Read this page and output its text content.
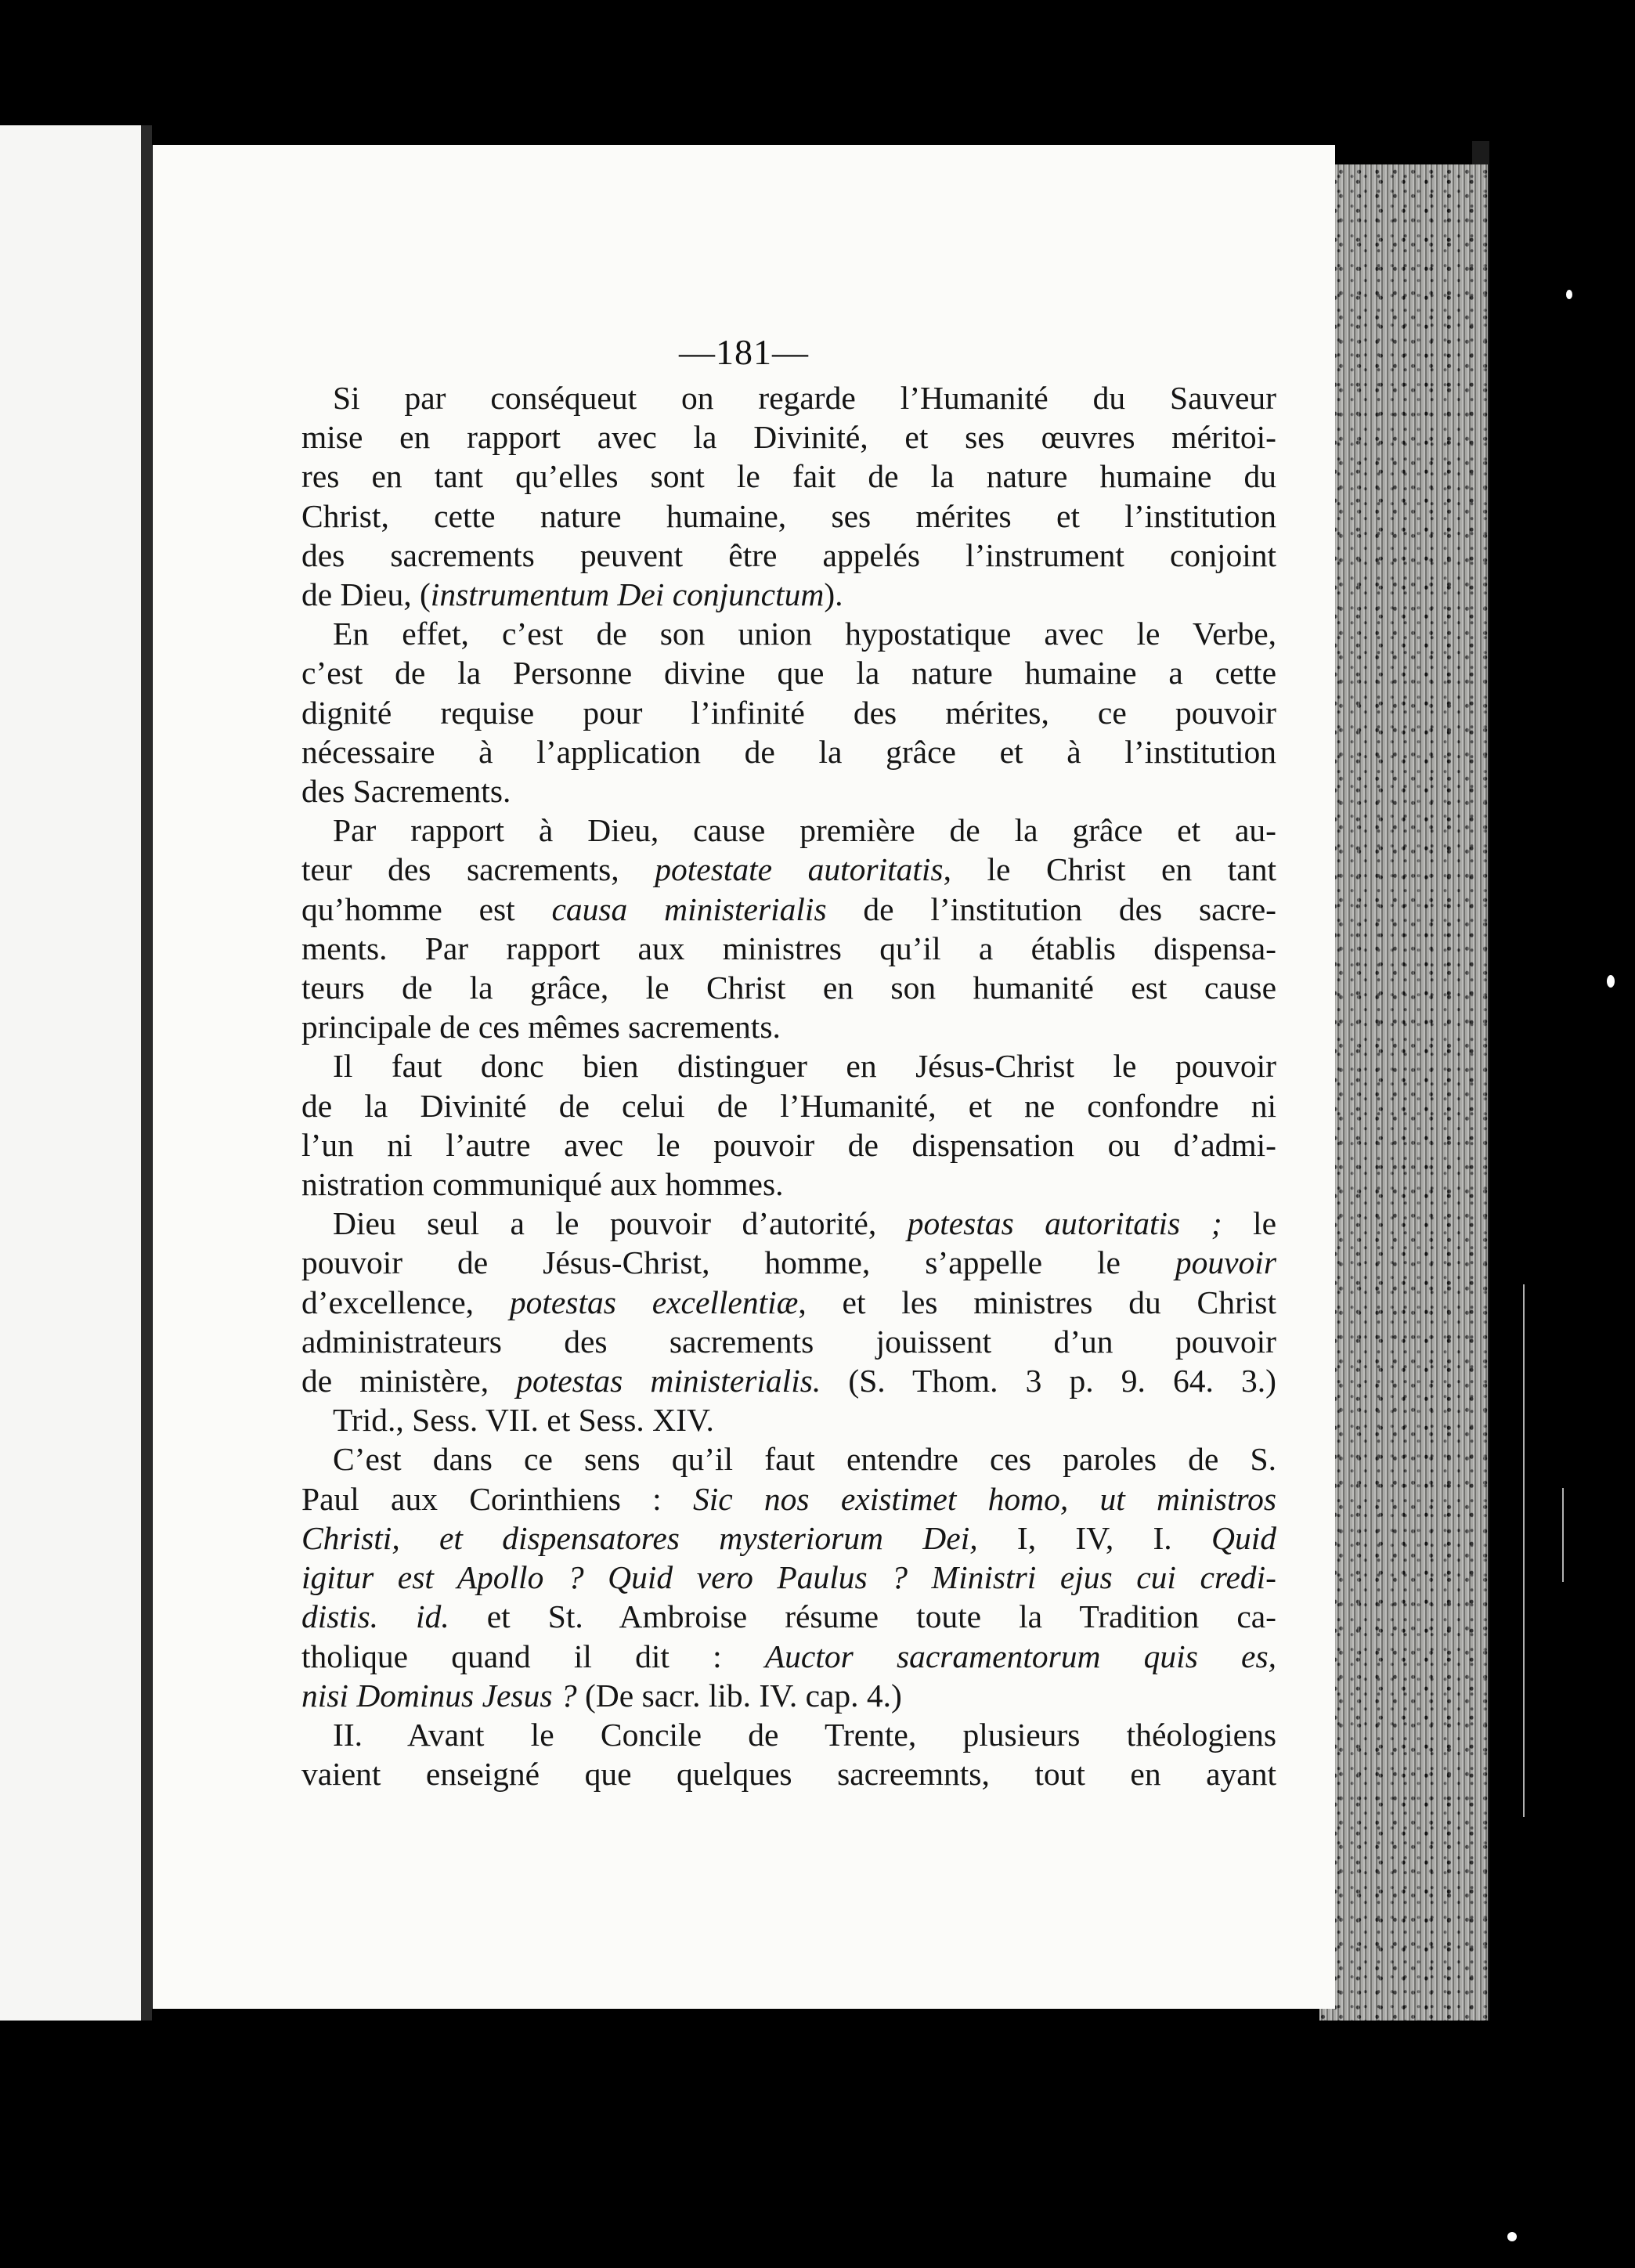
—181—
Si par conséqueut on regarde l’Humanité du Sauveur
mise en rapport avec la Divinité, et ses œuvres méritoi-
res en tant qu’elles sont le fait de la nature humaine du
Christ, cette nature humaine, ses mérites et l’institution
des sacrements peuvent être appelés l’instrument conjoint
de Dieu, (instrumentum Dei conjunctum).
En effet, c’est de son union hypostatique avec le Verbe,
c’est de la Personne divine que la nature humaine a cette
dignité requise pour l’infinité des mérites, ce pouvoir
nécessaire à l’application de la grâce et à l’institution
des Sacrements.
Par rapport à Dieu, cause première de la grâce et au-
teur des sacrements, potestate autoritatis, le Christ en tant
qu’homme est causa ministerialis de l’institution des sacre-
ments. Par rapport aux ministres qu’il a établis dispensa-
teurs de la grâce, le Christ en son humanité est cause
principale de ces mêmes sacrements.
Il faut donc bien distinguer en Jésus-Christ le pouvoir
de la Divinité de celui de l’Humanité, et ne confondre ni
l’un ni l’autre avec le pouvoir de dispensation ou d’admi-
nistration communiqué aux hommes.
Dieu seul a le pouvoir d’autorité, potestas autoritatis ; le
pouvoir de Jésus-Christ, homme, s’appelle le pouvoir
d’excellence, potestas excellentiæ, et les ministres du Christ
administrateurs des sacrements jouissent d’un pouvoir
de ministère, potestas ministerialis. (S. Thom. 3 p. 9. 64. 3.)
Trid., Sess. VII. et Sess. XIV.
C’est dans ce sens qu’il faut entendre ces paroles de S.
Paul aux Corinthiens : Sic nos existimet homo, ut ministros
Christi, et dispensatores mysteriorum Dei, I, IV, I. Quid
igitur est Apollo ? Quid vero Paulus ? Ministri ejus cui credi-
distis. id. et St. Ambroise résume toute la Tradition ca-
tholique quand il dit : Auctor sacramentorum quis es,
nisi Dominus Jesus ? (De sacr. lib. IV. cap. 4.)
II. Avant le Concile de Trente, plusieurs théologiens
vaient enseigné que quelques sacreemnts, tout en ayant
